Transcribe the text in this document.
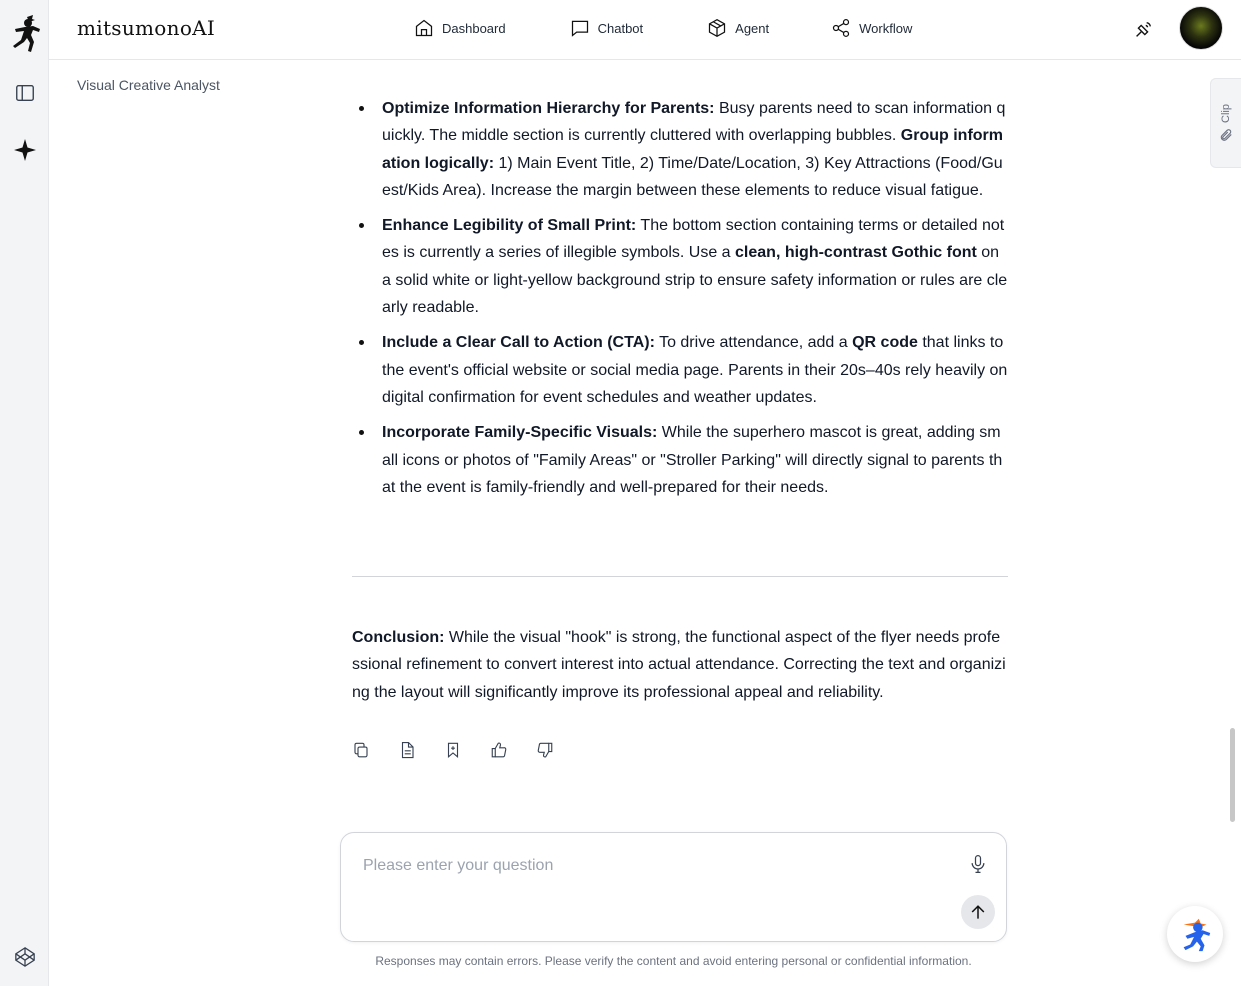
mitsumonoAI	Dashboard	Chatbot	Agent	Workflow
Visual Creative Analyst
Clip
Optimize Information Hierarchy for Parents: Busy parents need to scan information quickly. The middle section is currently cluttered with overlapping bubbles. Group information logically: 1) Main Event Title, 2) Time/Date/Location, 3) Key Attractions (Food/Guest/Kids Area). Increase the margin between these elements to reduce visual fatigue.
Enhance Legibility of Small Print: The bottom section containing terms or detailed notes is currently a series of illegible symbols. Use a clean, high-contrast Gothic font on a solid white or light-yellow background strip to ensure safety information or rules are clearly readable.
Include a Clear Call to Action (CTA): To drive attendance, add a QR code that links to the event's official website or social media page. Parents in their 20s–40s rely heavily on digital confirmation for event schedules and weather updates.
Incorporate Family-Specific Visuals: While the superhero mascot is great, adding small icons or photos of "Family Areas" or "Stroller Parking" will directly signal to parents that the event is family-friendly and well-prepared for their needs.
Conclusion: While the visual "hook" is strong, the functional aspect of the flyer needs professional refinement to convert interest into actual attendance. Correcting the text and organizing the layout will significantly improve its professional appeal and reliability.
Please enter your question
Responses may contain errors. Please verify the content and avoid entering personal or confidential information.
